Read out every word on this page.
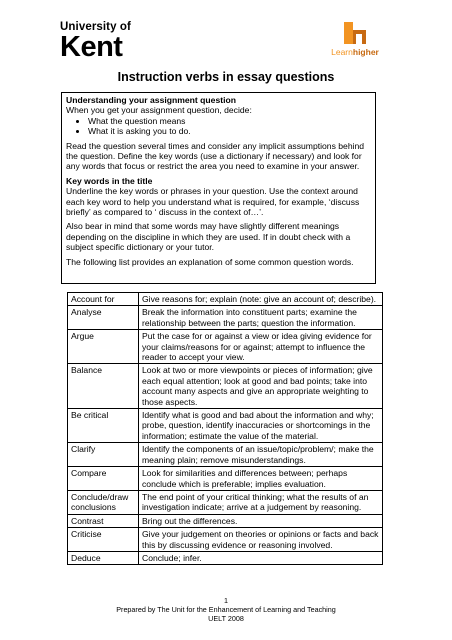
University of
Kent	Learnhigher
Instruction verbs in essay questions

Understanding your assignment question

When you get your assignment question, decide:

• What the question means
• What it is asking you to do.

Read the question several times and consider any implicit assumptions behind the question. Define the key words (use a dictionary if necessary) and look for any words that focus or restrict the area you need to examine in your answer.

Key words in the title

Underline the key words or phrases in your question. Use the context around each key word to help you understand what is required, for example, ‘discuss briefly’ as compared to ‘ discuss in the context of…’.

Also bear in mind that some words may have slightly different meanings depending on the discipline in which they are used. If in doubt check with a subject specific dictionary or your tutor.

The following list provides an explanation of some common question words.

Account for	Give reasons for; explain (note: give an account of; describe).
Analyse	Break the information into constituent parts; examine the relationship between the parts; question the information.
Argue	Put the case for or against a view or idea giving evidence for your claims/reasons for or against; attempt to influence the reader to accept your view.
Balance	Look at two or more viewpoints or pieces of information; give each equal attention; look at good and bad points; take into account many aspects and give an appropriate weighting to those aspects.
Be critical	Identify what is good and bad about the information and why; probe, question, identify inaccuracies or shortcomings in the information; estimate the value of the material.
Clarify	Identify the components of an issue/topic/problem/; make the meaning plain; remove misunderstandings.
Compare	Look for similarities and differences between; perhaps conclude which is preferable; implies evaluation.
Conclude/draw conclusions	The end point of your critical thinking; what the results of an investigation indicate; arrive at a judgement by reasoning.
Contrast	Bring out the differences.
Criticise	Give your judgement on theories or opinions or facts and back this by discussing evidence or reasoning involved.
Deduce	Conclude; infer.
1
Prepared by The Unit for the Enhancement of Learning and Teaching
UELT 2008
